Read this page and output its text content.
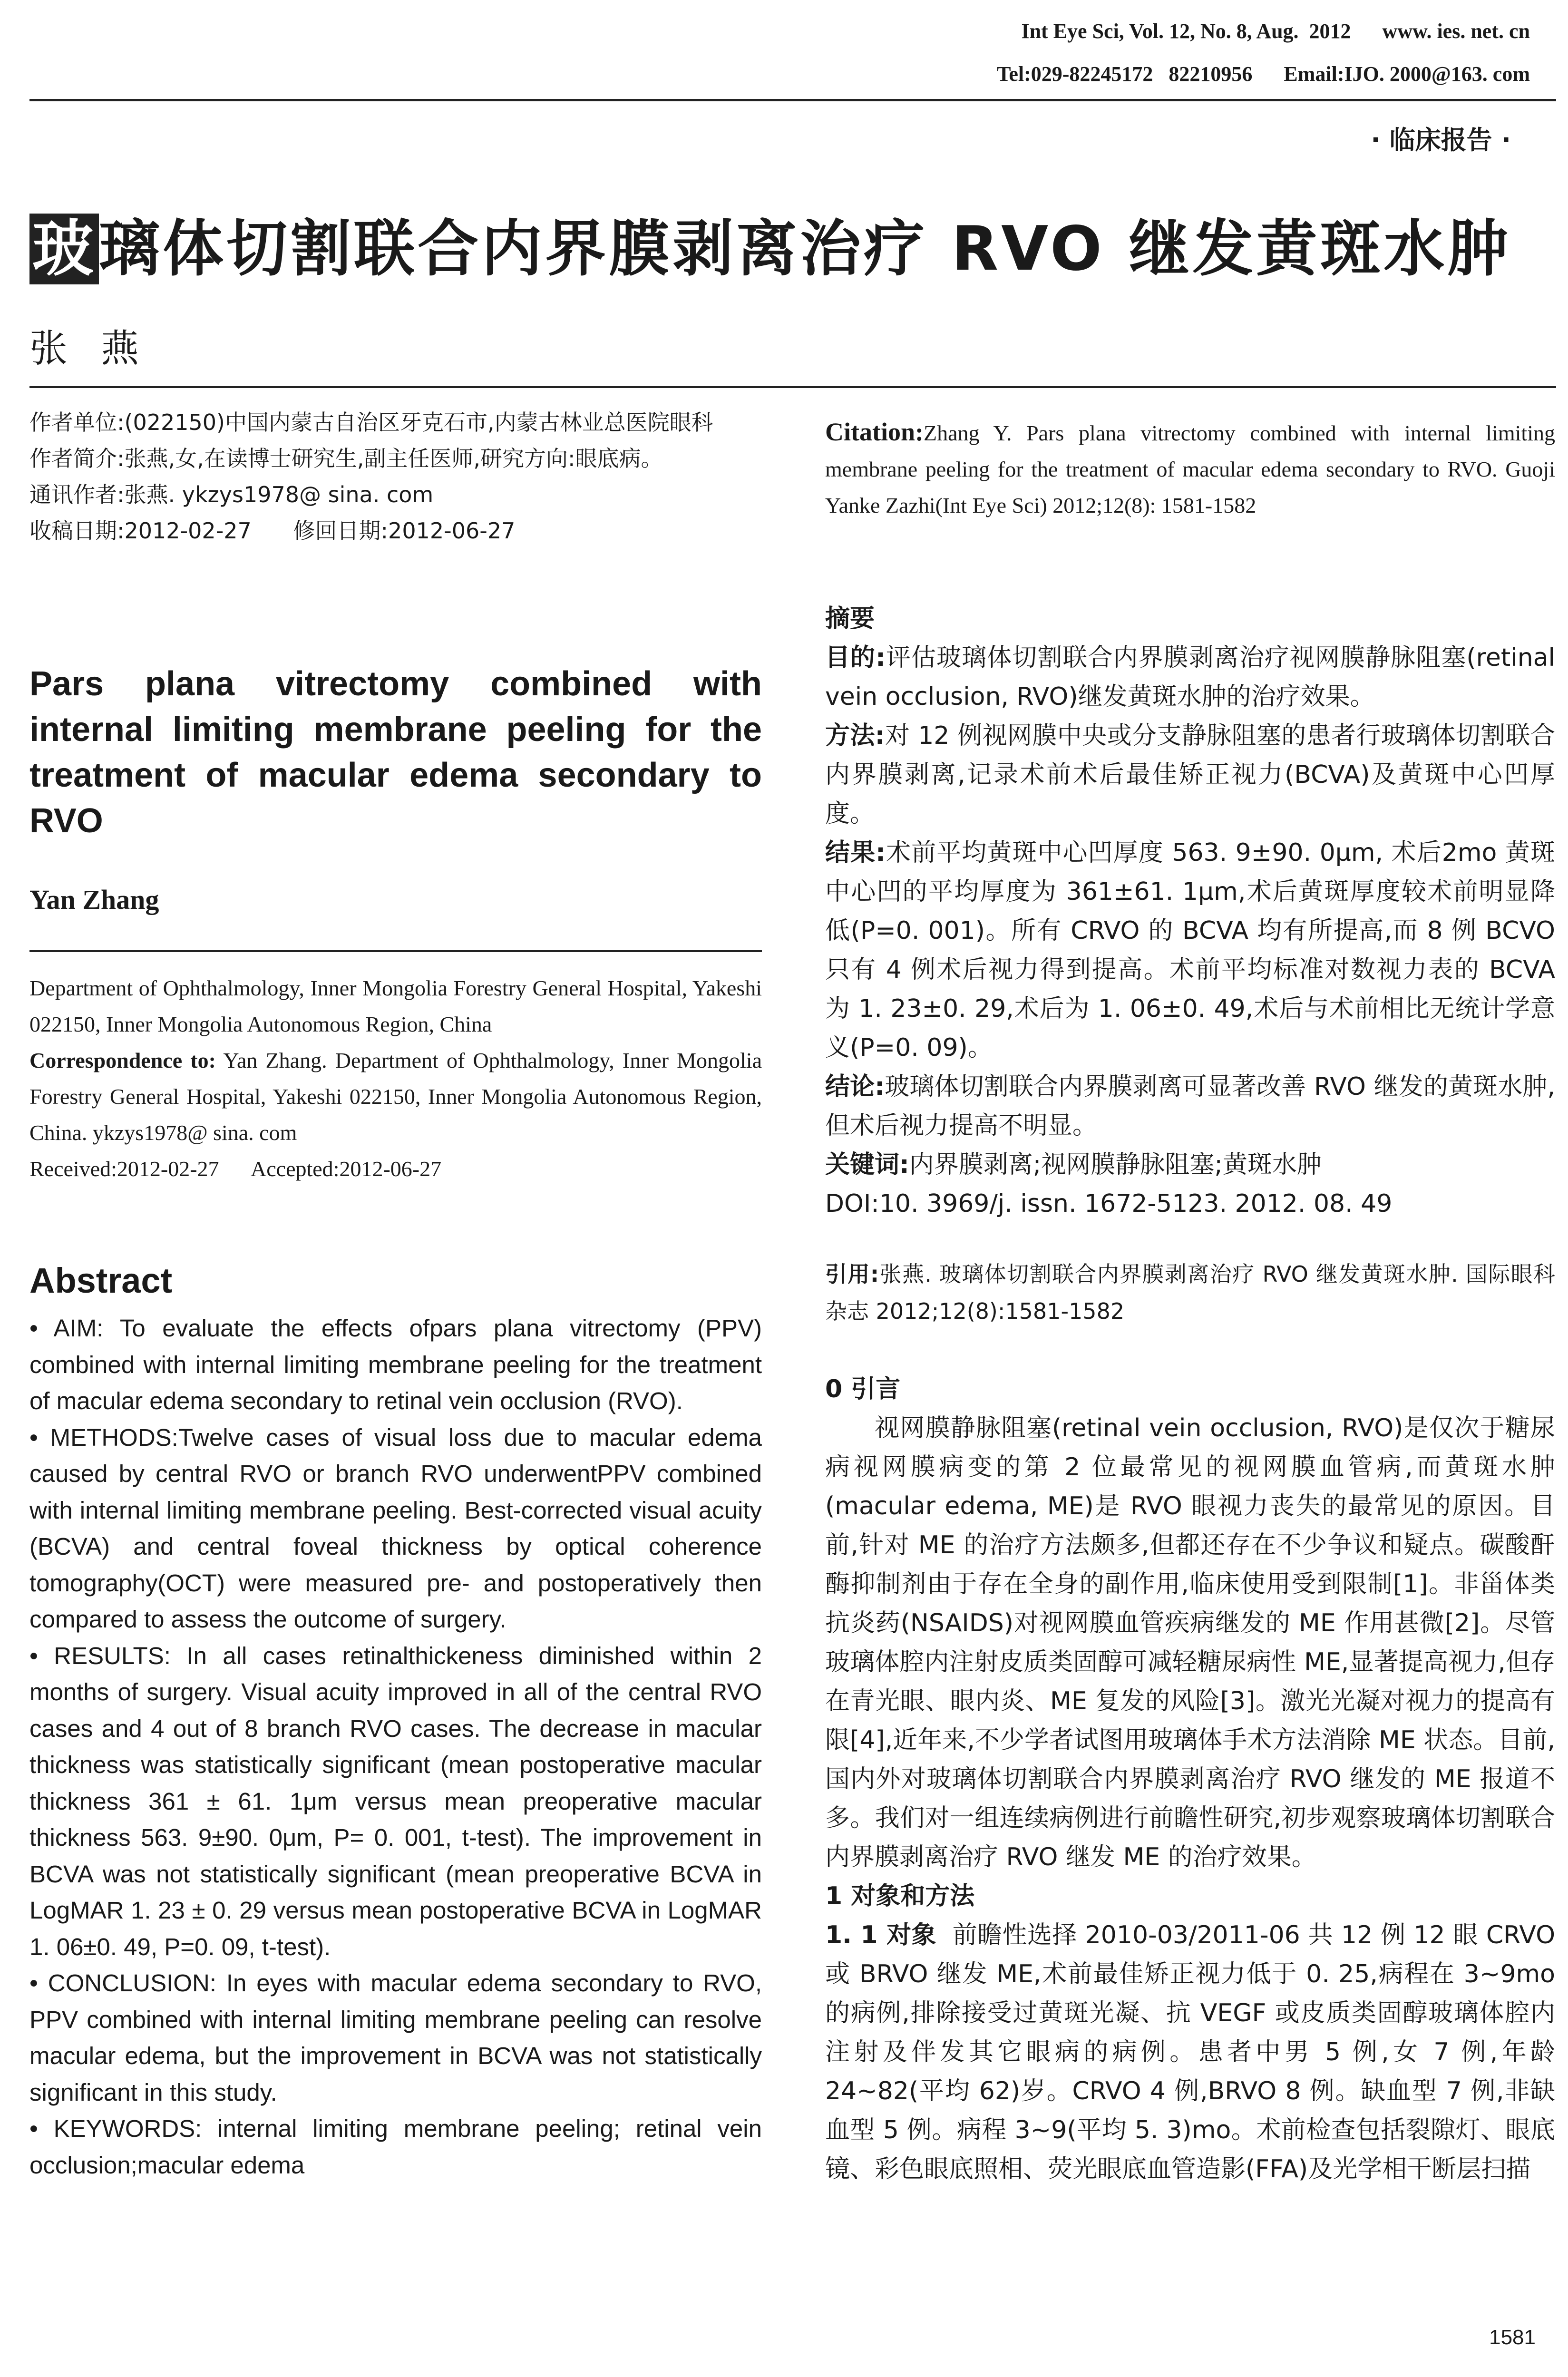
Int Eye Sci, Vol. 12, No. 8, Aug.  2012      www. ies. net. cn
Tel:029-82245172   82210956      Email:IJO. 2000@163. com
· 临床报告 ·
玻璃体切割联合内界膜剥离治疗 RVO 继发黄斑水肿
张燕

作者单位:(022150)中国内蒙古自治区牙克石市,内蒙古林业总医院眼科

作者简介:张燕,女,在读博士研究生,副主任医师,研究方向:眼底病。

通讯作者:张燕. ykzys1978@ sina. com

收稿日期:2012-02-27      修回日期:2012-06-27

Pars plana vitrectomy combined with internal limiting membrane peeling for the treatment of macular edema secondary to RVO
Yan Zhang

Department of Ophthalmology, Inner Mongolia Forestry General Hospital, Yakeshi 022150, Inner Mongolia Autonomous Region, China

Correspondence to: Yan Zhang. Department of Ophthalmology, Inner Mongolia Forestry General Hospital, Yakeshi 022150, Inner Mongolia Autonomous Region, China. ykzys1978@ sina. com

Received:2012-02-27      Accepted:2012-06-27

Abstract

• AIM: To evaluate the effects ofpars plana vitrectomy (PPV) combined with internal limiting membrane peeling for the treatment of macular edema secondary to retinal vein occlusion (RVO).

• METHODS:Twelve cases of visual loss due to macular edema caused by central RVO or branch RVO underwentPPV combined with internal limiting membrane peeling. Best-corrected visual acuity (BCVA) and central foveal thickness by optical coherence tomography(OCT) were measured pre- and postoperatively then compared to assess the outcome of surgery.

• RESULTS: In all cases retinalthickeness diminished within 2 months of surgery. Visual acuity improved in all of the central RVO cases and 4 out of 8 branch RVO cases. The decrease in macular thickness was statistically significant (mean postoperative macular thickness 361 ± 61. 1μm versus mean preoperative macular thickness 563. 9±90. 0μm, P= 0. 001, t-test). The improvement in BCVA was not statistically significant (mean preoperative BCVA in LogMAR 1. 23 ± 0. 29 versus mean postoperative BCVA in LogMAR 1. 06±0. 49, P=0. 09, t-test).

• CONCLUSION: In eyes with macular edema secondary to RVO, PPV combined with internal limiting membrane peeling can resolve macular edema, but the improvement in BCVA was not statistically significant in this study.

• KEYWORDS: internal limiting membrane peeling; retinal vein occlusion;macular edema

Citation:Zhang Y. Pars plana vitrectomy combined with internal limiting membrane peeling for the treatment of macular edema secondary to RVO. Guoji Yanke Zazhi(Int Eye Sci) 2012;12(8): 1581-1582

摘要

目的:评估玻璃体切割联合内界膜剥离治疗视网膜静脉阻塞(retinal vein occlusion, RVO)继发黄斑水肿的治疗效果。

方法:对 12 例视网膜中央或分支静脉阻塞的患者行玻璃体切割联合内界膜剥离,记录术前术后最佳矫正视力(BCVA)及黄斑中心凹厚度。

结果:术前平均黄斑中心凹厚度 563. 9±90. 0μm, 术后2mo 黄斑中心凹的平均厚度为 361±61. 1μm,术后黄斑厚度较术前明显降低(P=0. 001)。所有 CRVO 的 BCVA 均有所提高,而 8 例 BCVO 只有 4 例术后视力得到提高。术前平均标准对数视力表的 BCVA 为 1. 23±0. 29,术后为 1. 06±0. 49,术后与术前相比无统计学意义(P=0. 09)。

结论:玻璃体切割联合内界膜剥离可显著改善 RVO 继发的黄斑水肿,但术后视力提高不明显。

关键词:内界膜剥离;视网膜静脉阻塞;黄斑水肿

DOI:10. 3969/j. issn. 1672-5123. 2012. 08. 49

引用:张燕. 玻璃体切割联合内界膜剥离治疗 RVO 继发黄斑水肿. 国际眼科杂志 2012;12(8):1581-1582

0 引言

视网膜静脉阻塞(retinal vein occlusion, RVO)是仅次于糖尿病视网膜病变的第 2 位最常见的视网膜血管病,而黄斑水肿(macular edema, ME)是 RVO 眼视力丧失的最常见的原因。目前,针对 ME 的治疗方法颇多,但都还存在不少争议和疑点。碳酸酐酶抑制剂由于存在全身的副作用,临床使用受到限制[1]。非甾体类抗炎药(NSAIDS)对视网膜血管疾病继发的 ME 作用甚微[2]。尽管玻璃体腔内注射皮质类固醇可减轻糖尿病性 ME,显著提高视力,但存在青光眼、眼内炎、ME 复发的风险[3]。激光光凝对视力的提高有限[4],近年来,不少学者试图用玻璃体手术方法消除 ME 状态。目前,国内外对玻璃体切割联合内界膜剥离治疗 RVO 继发的 ME 报道不多。我们对一组连续病例进行前瞻性研究,初步观察玻璃体切割联合内界膜剥离治疗 RVO 继发 ME 的治疗效果。

1 对象和方法

1. 1 对象 前瞻性选择 2010-03/2011-06 共 12 例 12 眼 CRVO 或 BRVO 继发 ME,术前最佳矫正视力低于 0. 25,病程在 3~9mo 的病例,排除接受过黄斑光凝、抗 VEGF 或皮质类固醇玻璃体腔内注射及伴发其它眼病的病例。患者中男 5 例,女 7 例,年龄 24~82(平均 62)岁。CRVO 4 例,BRVO 8 例。缺血型 7 例,非缺血型 5 例。病程 3~9(平均 5. 3)mo。术前检查包括裂隙灯、眼底镜、彩色眼底照相、荧光眼底血管造影(FFA)及光学相干断层扫描

1581
